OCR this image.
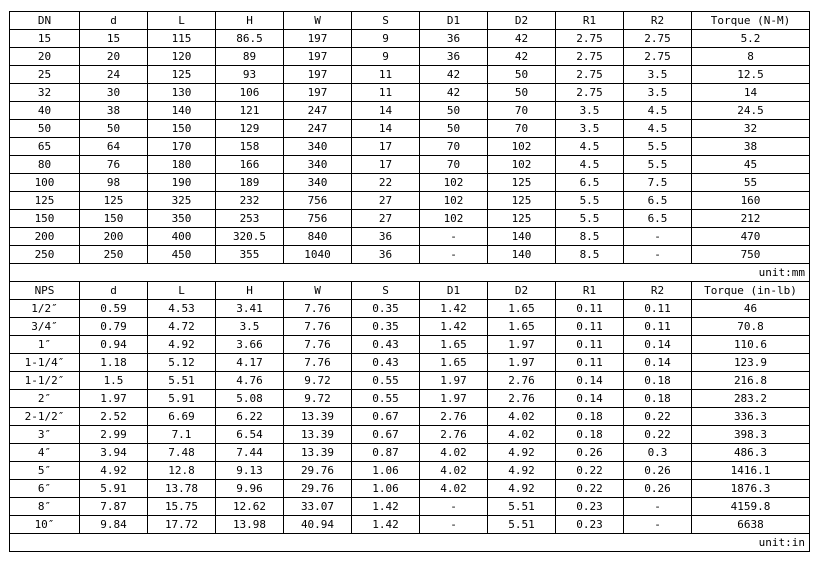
DN	d	L	H	W	S	D1	D2	R1	R2	Torque (N-M)
15	15	115	86.5	197	9	36	42	2.75	2.75	5.2
20	20	120	89	197	9	36	42	2.75	2.75	8
25	24	125	93	197	11	42	50	2.75	3.5	12.5
32	30	130	106	197	11	42	50	2.75	3.5	14
40	38	140	121	247	14	50	70	3.5	4.5	24.5
50	50	150	129	247	14	50	70	3.5	4.5	32
65	64	170	158	340	17	70	102	4.5	5.5	38
80	76	180	166	340	17	70	102	4.5	5.5	45
100	98	190	189	340	22	102	125	6.5	7.5	55
125	125	325	232	756	27	102	125	5.5	6.5	160
150	150	350	253	756	27	102	125	5.5	6.5	212
200	200	400	320.5	840	36	-	140	8.5	-	470
250	250	450	355	1040	36	-	140	8.5	-	750
unit:mm										
NPS	d	L	H	W	S	D1	D2	R1	R2	Torque (in-lb)
1/2″	0.59	4.53	3.41	7.76	0.35	1.42	1.65	0.11	0.11	46
3/4″	0.79	4.72	3.5	7.76	0.35	1.42	1.65	0.11	0.11	70.8
1″	0.94	4.92	3.66	7.76	0.43	1.65	1.97	0.11	0.14	110.6
1-1/4″	1.18	5.12	4.17	7.76	0.43	1.65	1.97	0.11	0.14	123.9
1-1/2″	1.5	5.51	4.76	9.72	0.55	1.97	2.76	0.14	0.18	216.8
2″	1.97	5.91	5.08	9.72	0.55	1.97	2.76	0.14	0.18	283.2
2-1/2″	2.52	6.69	6.22	13.39	0.67	2.76	4.02	0.18	0.22	336.3
3″	2.99	7.1	6.54	13.39	0.67	2.76	4.02	0.18	0.22	398.3
4″	3.94	7.48	7.44	13.39	0.87	4.02	4.92	0.26	0.3	486.3
5″	4.92	12.8	9.13	29.76	1.06	4.02	4.92	0.22	0.26	1416.1
6″	5.91	13.78	9.96	29.76	1.06	4.02	4.92	0.22	0.26	1876.3
8″	7.87	15.75	12.62	33.07	1.42	-	5.51	0.23	-	4159.8
10″	9.84	17.72	13.98	40.94	1.42	-	5.51	0.23	-	6638
unit:in										
